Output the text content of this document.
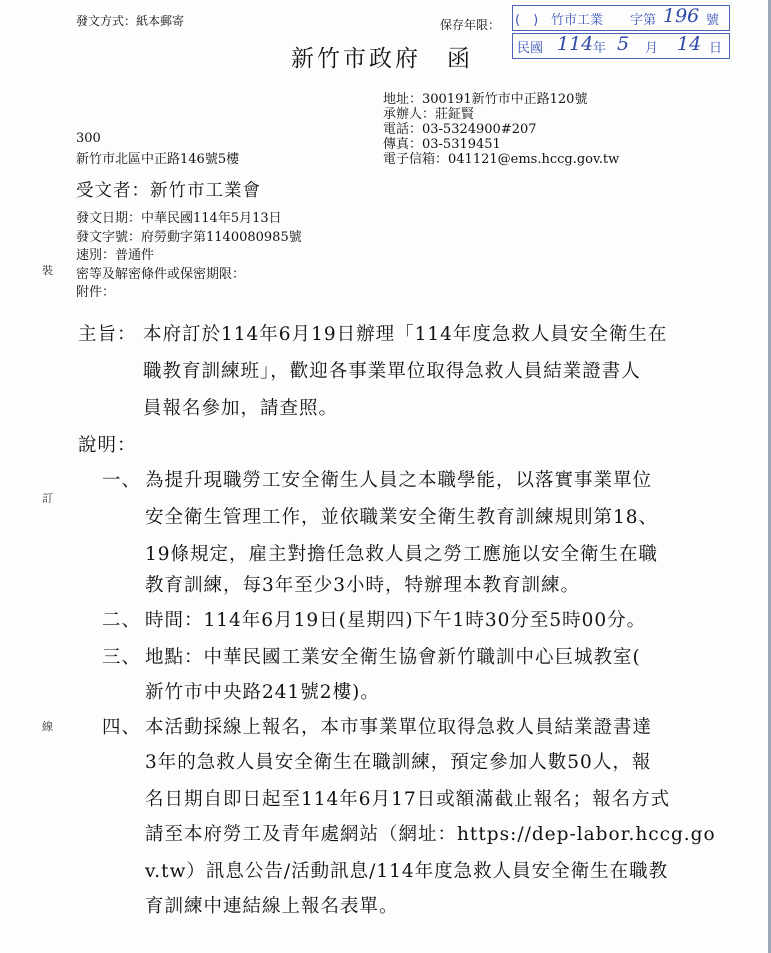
裝
訂
線
發文方式：紙本郵寄	保存年限：
新竹市政府　函
(　) 竹市工業 字第 196 號
民國 114 年 5 月 14 日
地址：300191新竹市中正路120號
承辦人：莊鉦賢
電話：03-5324900#207
傳真：03-5319451
電子信箱：041121@ems.hccg.gov.tw
300
新竹市北區中正路146號5樓
受文者：新竹市工業會
發文日期：中華民國114年5月13日
發文字號：府勞動字第1140080985號
速別：普通件
密等及解密條件或保密期限：
附件：
主旨： 本府訂於114年6月19日辦理「114年度急救人員安全衛生在
職教育訓練班」，歡迎各事業單位取得急救人員結業證書人
員報名參加，請查照。
說明：
一、 為提升現職勞工安全衛生人員之本職學能，以落實事業單位
安全衛生管理工作，並依職業安全衛生教育訓練規則第18、
19條規定，雇主對擔任急救人員之勞工應施以安全衛生在職
教育訓練，每3年至少3小時，特辦理本教育訓練。
二、 時間：114年6月19日(星期四)下午1時30分至5時00分。
三、 地點：中華民國工業安全衛生協會新竹職訓中心巨城教室(
新竹市中央路241號2樓)。
四、 本活動採線上報名，本市事業單位取得急救人員結業證書達
3年的急救人員安全衛生在職訓練，預定參加人數50人，報
名日期自即日起至114年6月17日或額滿截止報名；報名方式
請至本府勞工及青年處網站（網址：https://dep-labor.hccg.go
v.tw）訊息公告/活動訊息/114年度急救人員安全衛生在職教
育訓練中連結線上報名表單。
